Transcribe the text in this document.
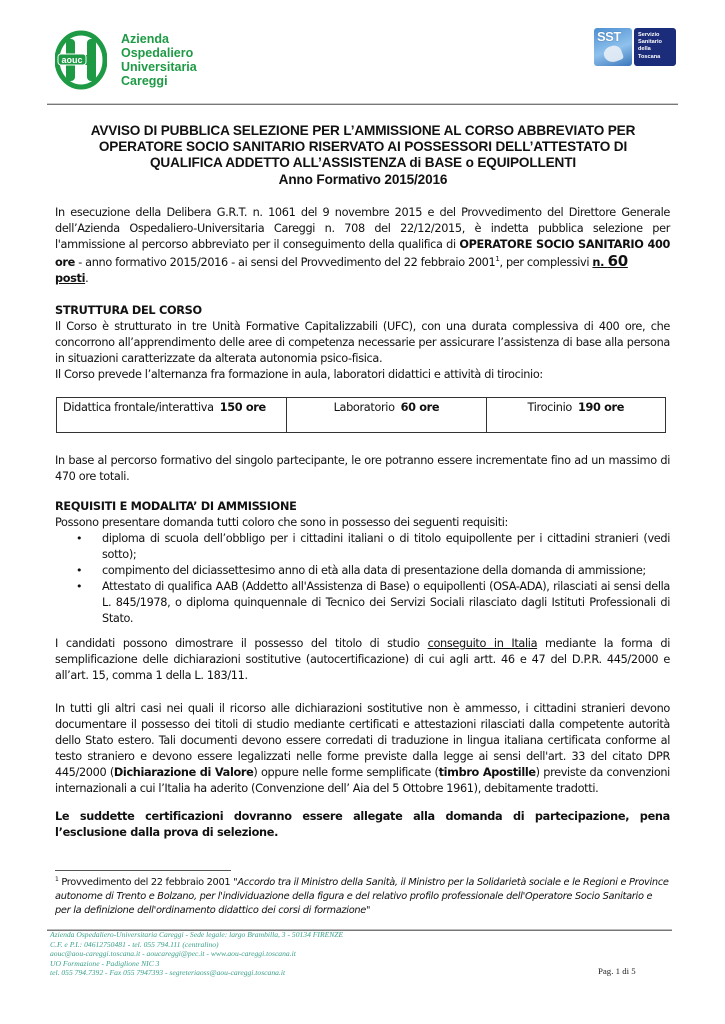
aouc
Azienda
Ospedaliero
Universitaria
Careggi
SST	Servizio
Sanitario
della
Toscana
AVVISO DI PUBBLICA SELEZIONE PER L’AMMISSIONE AL CORSO ABBREVIATO PER
OPERATORE SOCIO SANITARIO RISERVATO AI POSSESSORI DELL’ATTESTATO DI
QUALIFICA ADDETTO ALL’ASSISTENZA di BASE o EQUIPOLLENTI
Anno Formativo 2015/2016
In esecuzione della Delibera G.R.T. n. 1061 del 9 novembre 2015 e del Provvedimento del Direttore Generale dell’Azienda Ospedaliero-Universitaria Careggi n. 708 del 22/12/2015, è indetta pubblica selezione per l'ammissione al percorso abbreviato per il conseguimento della qualifica di OPERATORE SOCIO SANITARIO 400 ore - anno formativo 2015/2016 - ai sensi del Provvedimento del 22 febbraio 2001$^1$, per complessivi n. 60
posti.
STRUTTURA DEL CORSO
Il Corso è strutturato in tre Unità Formative Capitalizzabili (UFC), con una durata complessiva di 400 ore, che concorrono all’apprendimento delle aree di competenza necessarie per assicurare l’assistenza di base alla persona in situazioni caratterizzate da alterata autonomia psico-fisica.
Il Corso prevede l’alternanza fra formazione in aula, laboratori didattici e attività di tirocinio:
Didattica frontale/interattiva 150 ore	Laboratorio 60 ore	Tirocinio 190 ore
In base al percorso formativo del singolo partecipante, le ore potranno essere incrementate fino ad un massimo di 470 ore totali.
REQUISITI E MODALITA’ DI AMMISSIONE
Possono presentare domanda tutti coloro che sono in possesso dei seguenti requisiti:
• diploma di scuola dell’obbligo per i cittadini italiani o di titolo equipollente per i cittadini stranieri (vedi sotto);
• compimento del diciassettesimo anno di età alla data di presentazione della domanda di ammissione;
• Attestato di qualifica AAB (Addetto all'Assistenza di Base) o equipollenti (OSA-ADA), rilasciati ai sensi della L. 845/1978, o diploma quinquennale di Tecnico dei Servizi Sociali rilasciato dagli Istituti Professionali di Stato.
I candidati possono dimostrare il possesso del titolo di studio conseguito in Italia mediante la forma di semplificazione delle dichiarazioni sostitutive (autocertificazione) di cui agli artt. 46 e 47 del D.P.R. 445/2000 e all’art. 15, comma 1 della L. 183/11.
In tutti gli altri casi nei quali il ricorso alle dichiarazioni sostitutive non è ammesso, i cittadini stranieri devono documentare il possesso dei titoli di studio mediante certificati e attestazioni rilasciati dalla competente autorità dello Stato estero. Tali documenti devono essere corredati di traduzione in lingua italiana certificata conforme al testo straniero e devono essere legalizzati nelle forme previste dalla legge ai sensi dell'art. 33 del citato DPR 445/2000 (Dichiarazione di Valore) oppure nelle forme semplificate (timbro Apostille) previste da convenzioni internazionali a cui l’Italia ha aderito (Convenzione dell’ Aia del 5 Ottobre 1961), debitamente tradotti.
Le suddette certificazioni dovranno essere allegate alla domanda di partecipazione, pena l’esclusione dalla prova di selezione.
$^1$ Provvedimento del 22 febbraio 2001 "Accordo tra il Ministro della Sanità, il Ministro per la Solidarietà sociale e le Regioni e Province autonome di Trento e Bolzano, per l'individuazione della figura e del relativo profilo professionale dell'Operatore Socio Sanitario e per la definizione dell'ordinamento didattico dei corsi di formazione"
Azienda Ospedaliero-Universitaria Careggi - Sede legale: largo Brambilla, 3 - 50134 FIRENZE
C.F. e P.I.: 04612750481 - tel. 055 794.111 (centralino)
aouc@aou-careggi.toscana.it - aoucareggi@pec.it - www.aou-careggi.toscana.it
UO Formazione - Padiglione NIC 3
tel. 055 794.7392 - Fax 055 7947393 - segreteriaoss@aou-careggi.toscana.it	Pag. 1 di 5
